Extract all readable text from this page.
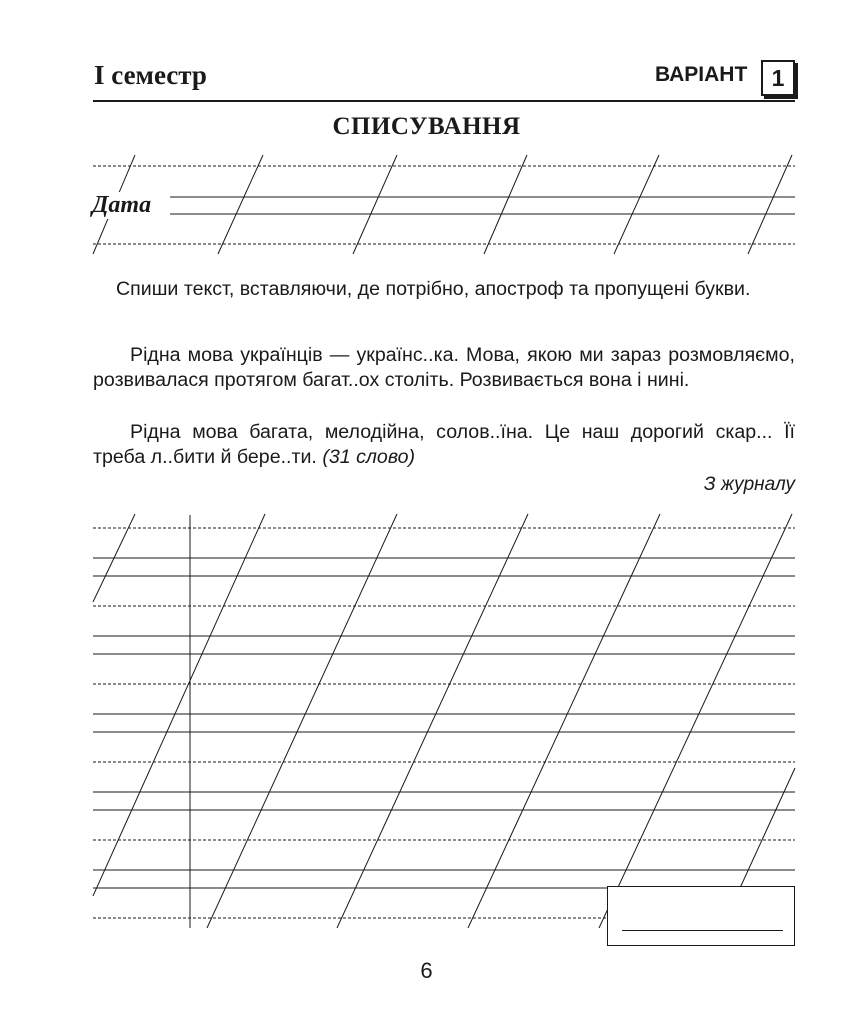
І семестр	ВАРІАНТ	1
СПИСУВАННЯ
Дата
Спиши текст, вставляючи, де потрібно, апостроф та пропущені букви.
Рідна мова українців — українс..ка. Мова, якою ми зараз розмовляємо, розвивалася протягом багат..ох століть. Розвивається вона і нині.
Рідна мова багата, мелодійна, солов..їна. Це наш дорогий скар... Її треба л..бити й бере..ти. (31 слово)
З журналу
6
